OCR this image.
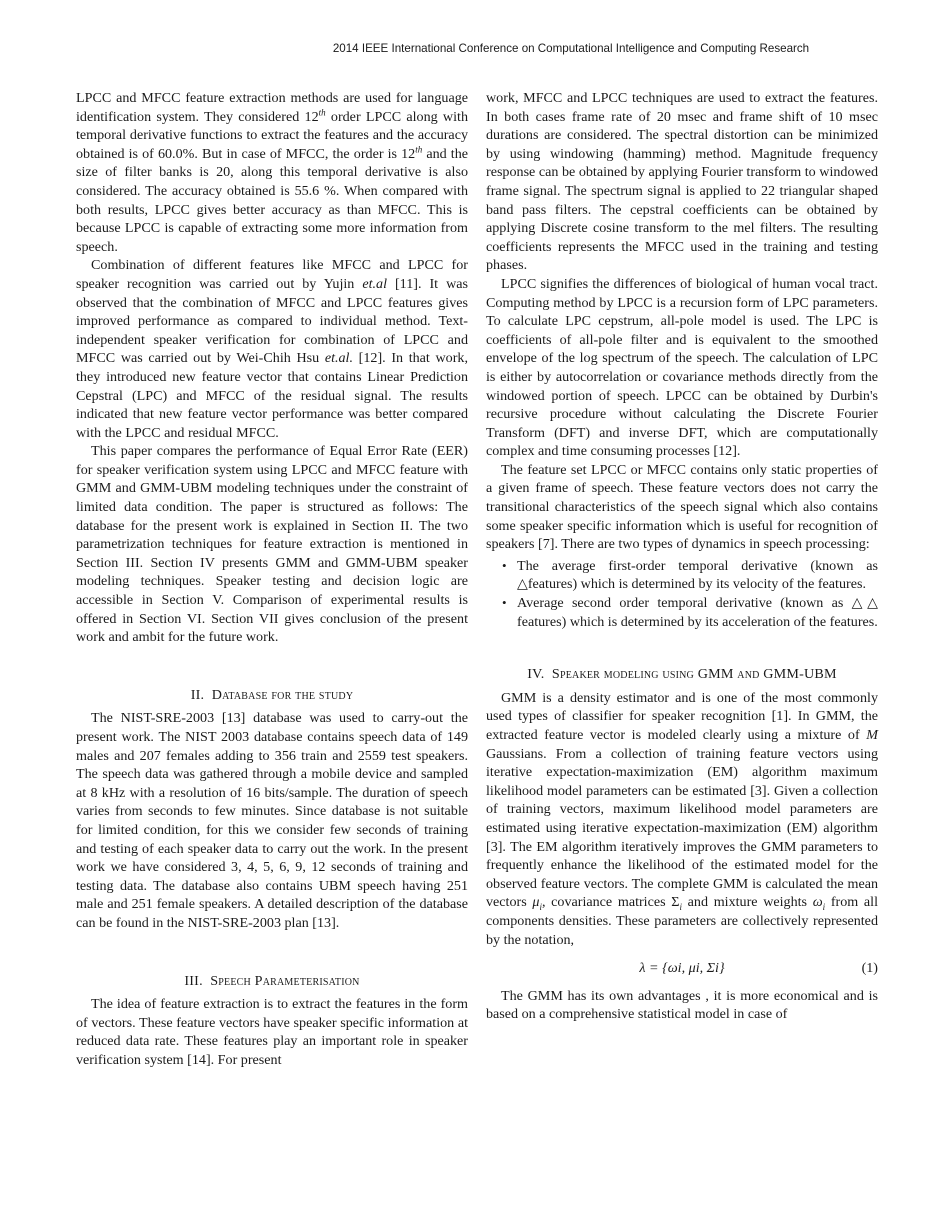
2014 IEEE International Conference on Computational Intelligence and Computing Research

LPCC and MFCC feature extraction methods are used for language identification system. They considered 12th order LPCC along with temporal derivative functions to extract the features and the accuracy obtained is of 60.0%. But in case of MFCC, the order is 12th and the size of filter banks is 20, along this temporal derivative is also considered. The accuracy obtained is 55.6 %. When compared with both results, LPCC gives better accuracy as than MFCC. This is because LPCC is capable of extracting some more information from speech.

Combination of different features like MFCC and LPCC for speaker recognition was carried out by Yujin et.al [11]. It was observed that the combination of MFCC and LPCC features gives improved performance as compared to individual method. Text-independent speaker verification for combination of LPCC and MFCC was carried out by Wei-Chih Hsu et.al. [12]. In that work, they introduced new feature vector that contains Linear Prediction Cepstral (LPC) and MFCC of the residual signal. The results indicated that new feature vector performance was better compared with the LPCC and residual MFCC.

This paper compares the performance of Equal Error Rate (EER) for speaker verification system using LPCC and MFCC feature with GMM and GMM-UBM modeling techniques under the constraint of limited data condition. The paper is structured as follows: The database for the present work is explained in Section II. The two parametrization techniques for feature extraction is mentioned in Section III. Section IV presents GMM and GMM-UBM speaker modeling techniques. Speaker testing and decision logic are accessible in Section V. Comparison of experimental results is offered in Section VI. Section VII gives conclusion of the present work and ambit for the future work.

II. Database for the study

The NIST-SRE-2003 [13] database was used to carry-out the present work. The NIST 2003 database contains speech data of 149 males and 207 females adding to 356 train and 2559 test speakers. The speech data was gathered through a mobile device and sampled at 8 kHz with a resolution of 16 bits/sample. The duration of speech varies from seconds to few minutes. Since database is not suitable for limited condition, for this we consider few seconds of training and testing of each speaker data to carry out the work. In the present work we have considered 3, 4, 5, 6, 9, 12 seconds of training and testing data. The database also contains UBM speech having 251 male and 251 female speakers. A detailed description of the database can be found in the NIST-SRE-2003 plan [13].

III. Speech Parameterisation

The idea of feature extraction is to extract the features in the form of vectors. These feature vectors have speaker specific information at reduced data rate. These features play an important role in speaker verification system [14]. For present

work, MFCC and LPCC techniques are used to extract the features. In both cases frame rate of 20 msec and frame shift of 10 msec durations are considered. The spectral distortion can be minimized by using windowing (hamming) method. Magnitude frequency response can be obtained by applying Fourier transform to windowed frame signal. The spectrum signal is applied to 22 triangular shaped band pass filters. The cepstral coefficients can be obtained by applying Discrete cosine transform to the mel filters. The resulting coefficients represents the MFCC used in the training and testing phases.

LPCC signifies the differences of biological of human vocal tract. Computing method by LPCC is a recursion form of LPC parameters. To calculate LPC cepstrum, all-pole model is used. The LPC is coefficients of all-pole filter and is equivalent to the smoothed envelope of the log spectrum of the speech. The calculation of LPC is either by autocorrelation or covariance methods directly from the windowed portion of speech. LPCC can be obtained by Durbin's recursive procedure without calculating the Discrete Fourier Transform (DFT) and inverse DFT, which are computationally complex and time consuming processes [12].

The feature set LPCC or MFCC contains only static properties of a given frame of speech. These feature vectors does not carry the transitional characteristics of the speech signal which also contains some speaker specific information which is useful for recognition of speakers [7]. There are two types of dynamics in speech processing:

• The average first-order temporal derivative (known as △features) which is determined by its velocity of the features.
• Average second order temporal derivative (known as △△ features) which is determined by its acceleration of the features.

IV. Speaker modeling using GMM and GMM-UBM

GMM is a density estimator and is one of the most commonly used types of classifier for speaker recognition [1]. In GMM, the extracted feature vector is modeled clearly using a mixture of M Gaussians. From a collection of training feature vectors using iterative expectation-maximization (EM) algorithm maximum likelihood model parameters can be estimated [3]. Given a collection of training vectors, maximum likelihood model parameters are estimated using iterative expectation-maximization (EM) algorithm [3]. The EM algorithm iteratively improves the GMM parameters to frequently enhance the likelihood of the estimated model for the observed feature vectors. The complete GMM is calculated the mean vectors $\mu_i$, covariance matrices $\Sigma_i$ and mixture weights $\omega_i$ from all components densities. These parameters are collectively represented by the notation,

λ = {ωi, μi, Σi}	(1)

The GMM has its own advantages , it is more economical and is based on a comprehensive statistical model in case of
